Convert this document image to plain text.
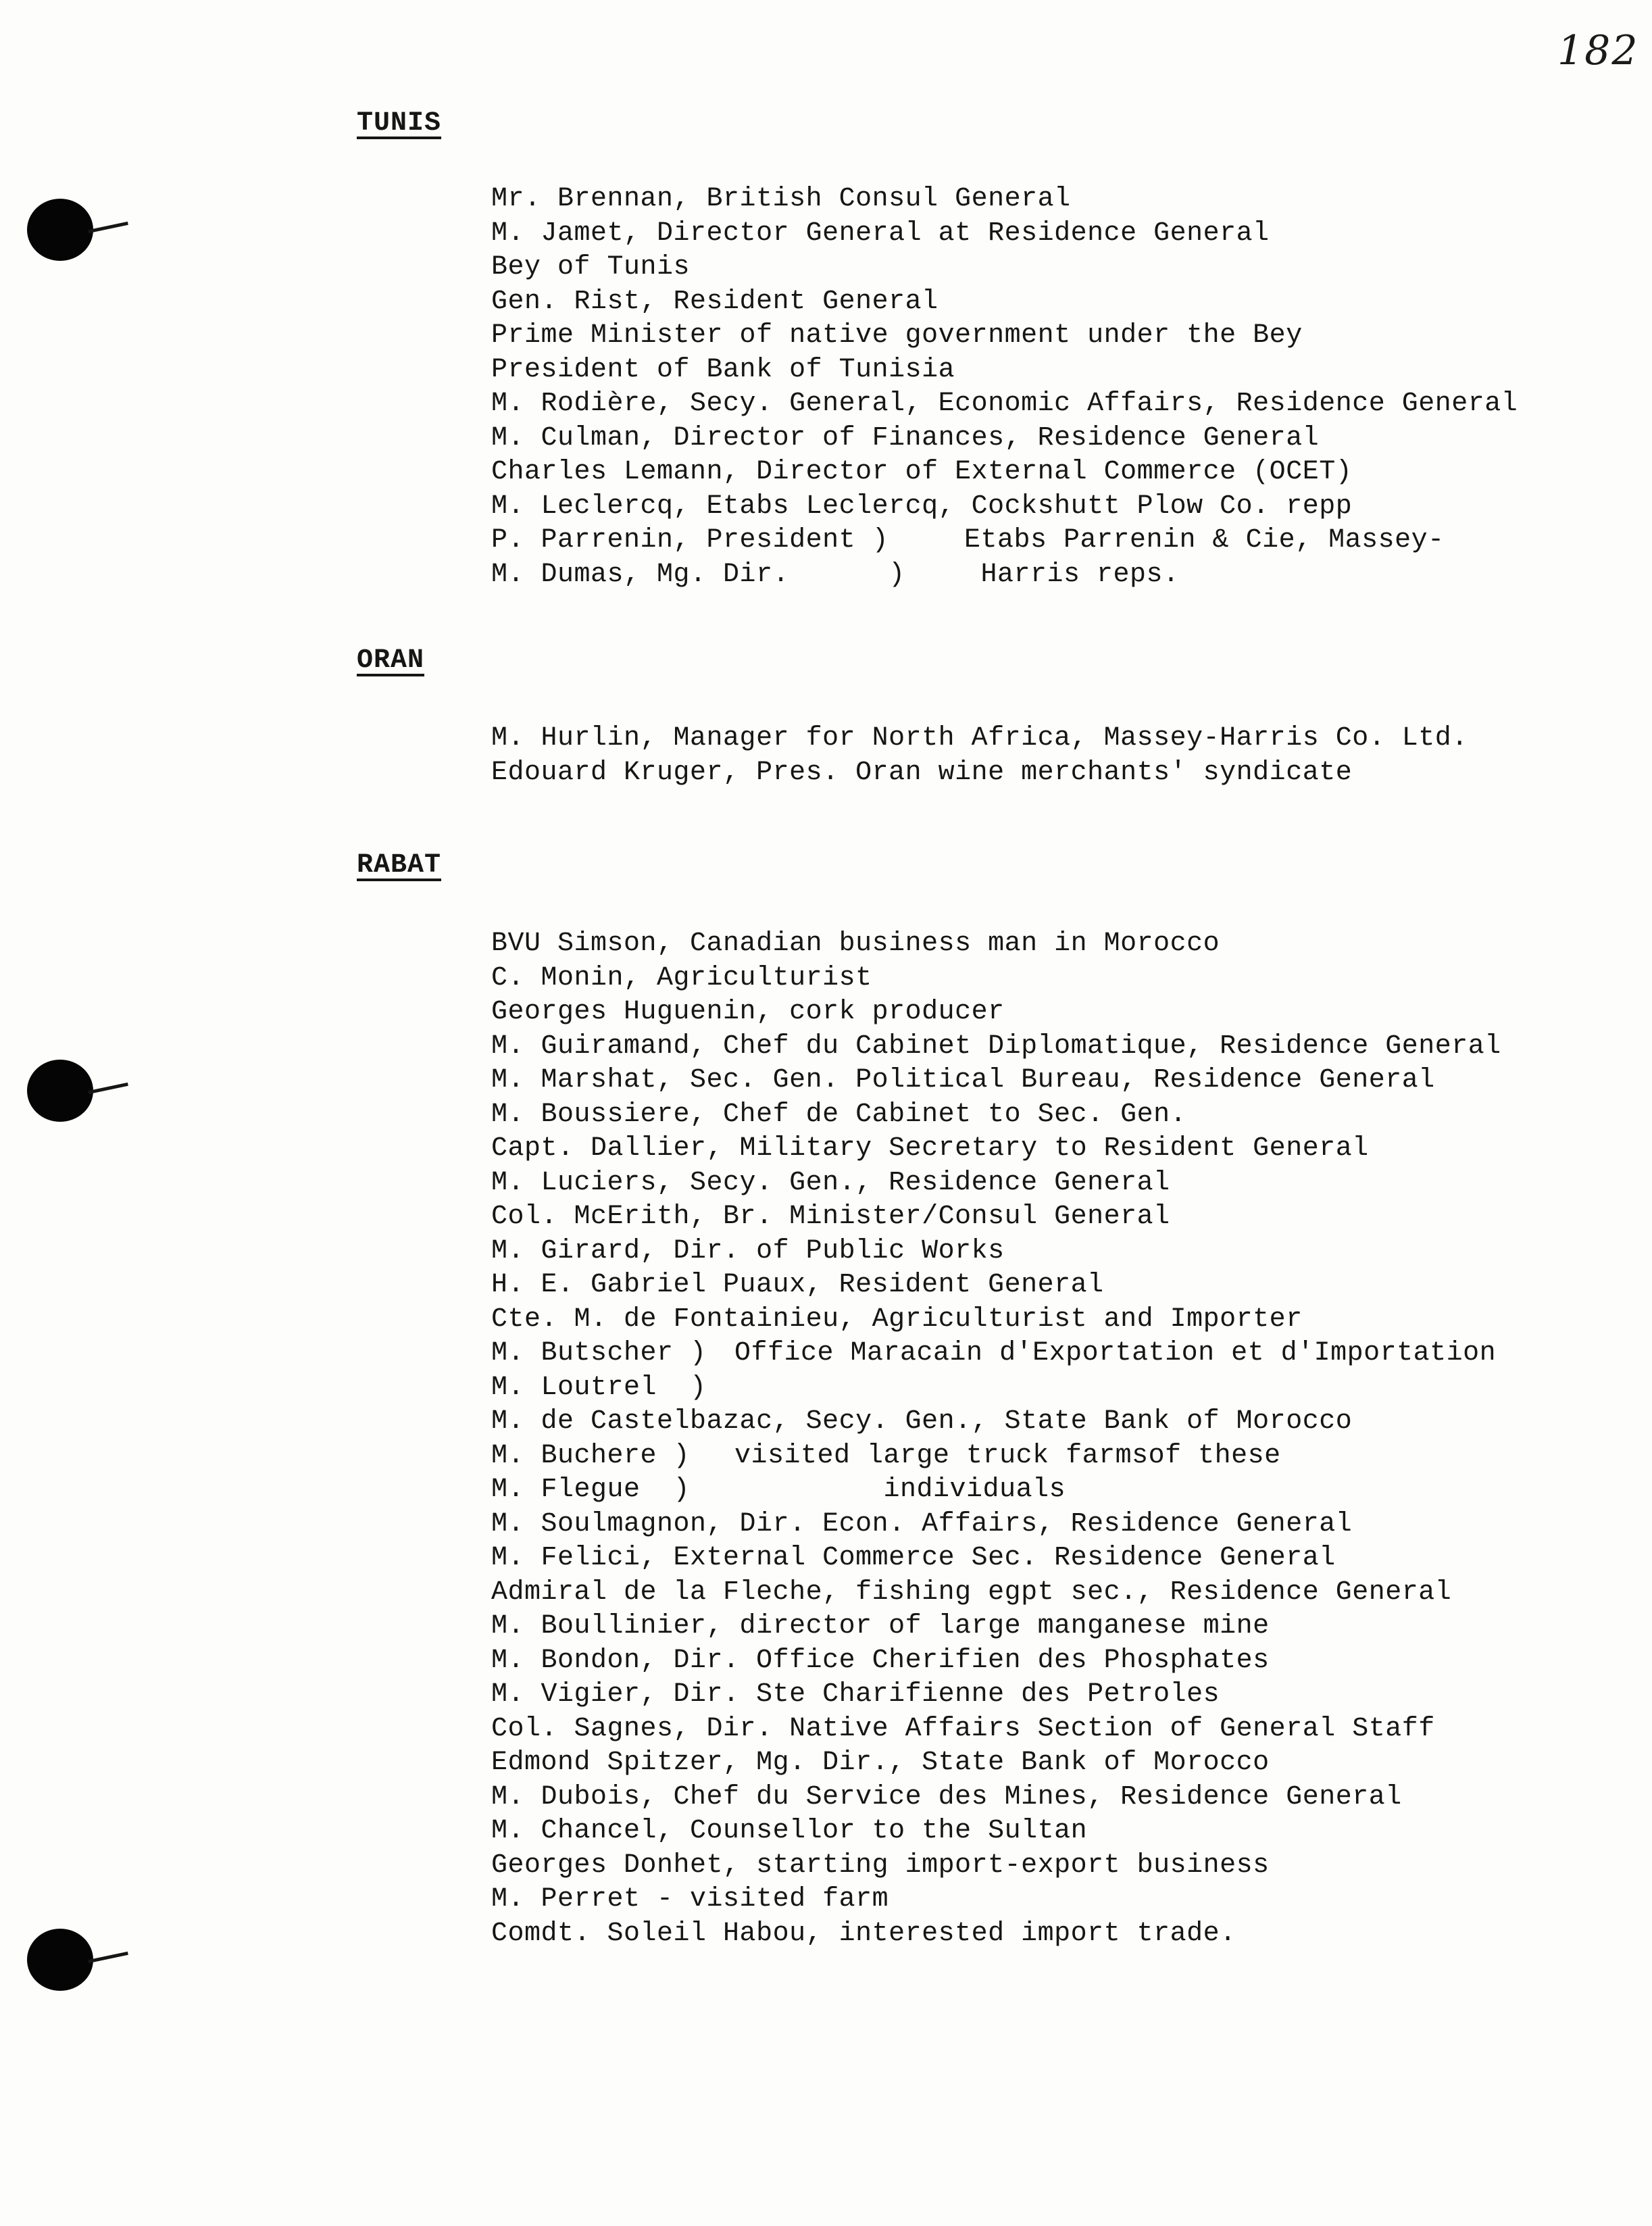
182
TUNIS
Mr. Brennan, British Consul General
M. Jamet, Director General at Residence General
Bey of Tunis
Gen. Rist, Resident General
Prime Minister of native government under the Bey
President of Bank of Tunisia
M. Rodière, Secy. General, Economic Affairs, Residence General
M. Culman, Director of Finances, Residence General
Charles Lemann, Director of External Commerce (OCET)
M. Leclercq, Etabs Leclercq, Cockshutt Plow Co. repp
P. Parrenin, President )	Etabs Parrenin & Cie, Massey-
M. Dumas, Mg. Dir.      ) Harris reps.
ORAN
M. Hurlin, Manager for North Africa, Massey-Harris Co. Ltd.
Edouard Kruger, Pres. Oran wine merchants' syndicate
RABAT
BVU Simson, Canadian business man in Morocco
C. Monin, Agriculturist
Georges Huguenin, cork producer
M. Guiramand, Chef du Cabinet Diplomatique, Residence General
M. Marshat, Sec. Gen. Political Bureau, Residence General
M. Boussiere, Chef de Cabinet to Sec. Gen.
Capt. Dallier, Military Secretary to Resident General
M. Luciers, Secy. Gen., Residence General
Col. McErith, Br. Minister/Consul General
M. Girard, Dir. of Public Works
H. E. Gabriel Puaux, Resident General
Cte. M. de Fontainieu, Agriculturist and Importer
M. Butscher ) Office Maracain d'Exportation et d'Importation
M. Loutrel  )
M. de Castelbazac, Secy. Gen., State Bank of Morocco
M. Buchere ) visited large truck farmsof these
M. Flegue  )         individuals
M. Soulmagnon, Dir. Econ. Affairs, Residence General
M. Felici, External Commerce Sec. Residence General
Admiral de la Fleche, fishing egpt sec., Residence General
M. Boullinier, director of large manganese mine
M. Bondon, Dir. Office Cherifien des Phosphates
M. Vigier, Dir. Ste Charifienne des Petroles
Col. Sagnes, Dir. Native Affairs Section of General Staff
Edmond Spitzer, Mg. Dir., State Bank of Morocco
M. Dubois, Chef du Service des Mines, Residence General
M. Chancel, Counsellor to the Sultan
Georges Donhet, starting import-export business
M. Perret - visited farm
Comdt. Soleil Habou, interested import trade.
